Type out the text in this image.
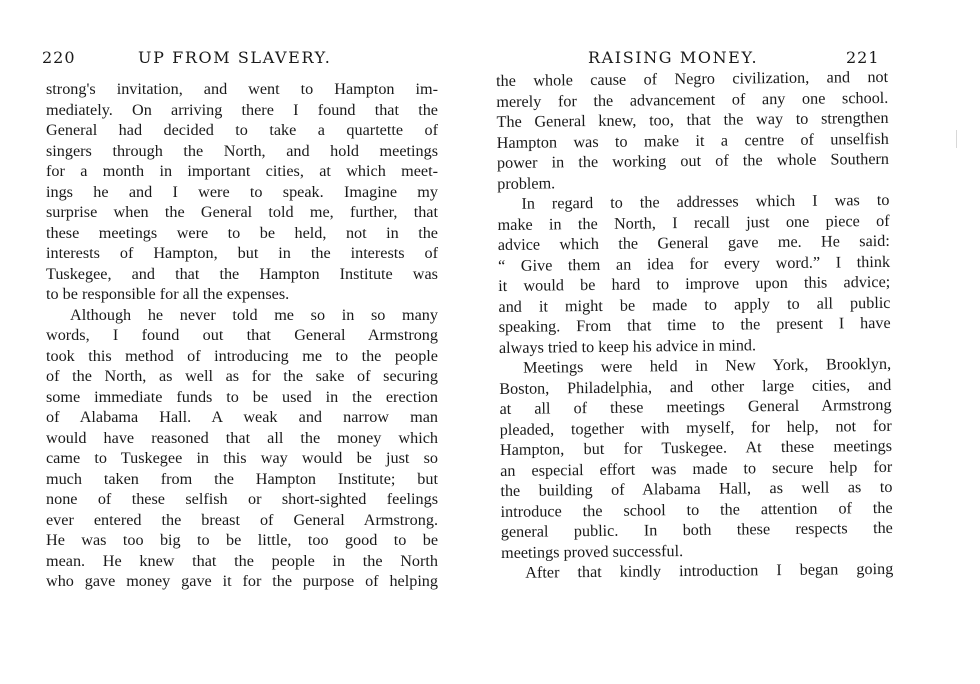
220	UP FROM SLAVERY.
strong's invitation, and went to Hampton im-
mediately. On arriving there I found that the
General had decided to take a quartette of
singers through the North, and hold meetings
for a month in important cities, at which meet-
ings he and I were to speak. Imagine my
surprise when the General told me, further, that
these meetings were to be held, not in the
interests of Hampton, but in the interests of
Tuskegee, and that the Hampton Institute was
to be responsible for all the expenses.
Although he never told me so in so many
words, I found out that General Armstrong
took this method of introducing me to the people
of the North, as well as for the sake of securing
some immediate funds to be used in the erection
of Alabama Hall. A weak and narrow man
would have reasoned that all the money which
came to Tuskegee in this way would be just so
much taken from the Hampton Institute; but
none of these selfish or short-sighted feelings
ever entered the breast of General Armstrong.
He was too big to be little, too good to be
mean. He knew that the people in the North
who gave money gave it for the purpose of helping
RAISING MONEY.	221
the whole cause of Negro civilization, and not
merely for the advancement of any one school.
The General knew, too, that the way to strengthen
Hampton was to make it a centre of unselfish
power in the working out of the whole Southern
problem.
In regard to the addresses which I was to
make in the North, I recall just one piece of
advice which the General gave me. He said:
“ Give them an idea for every word.” I think
it would be hard to improve upon this advice;
and it might be made to apply to all public
speaking. From that time to the present I have
always tried to keep his advice in mind.
Meetings were held in New York, Brooklyn,
Boston, Philadelphia, and other large cities, and
at all of these meetings General Armstrong
pleaded, together with myself, for help, not for
Hampton, but for Tuskegee. At these meetings
an especial effort was made to secure help for
the building of Alabama Hall, as well as to
introduce the school to the attention of the
general public. In both these respects the
meetings proved successful.
After that kindly introduction I began going
